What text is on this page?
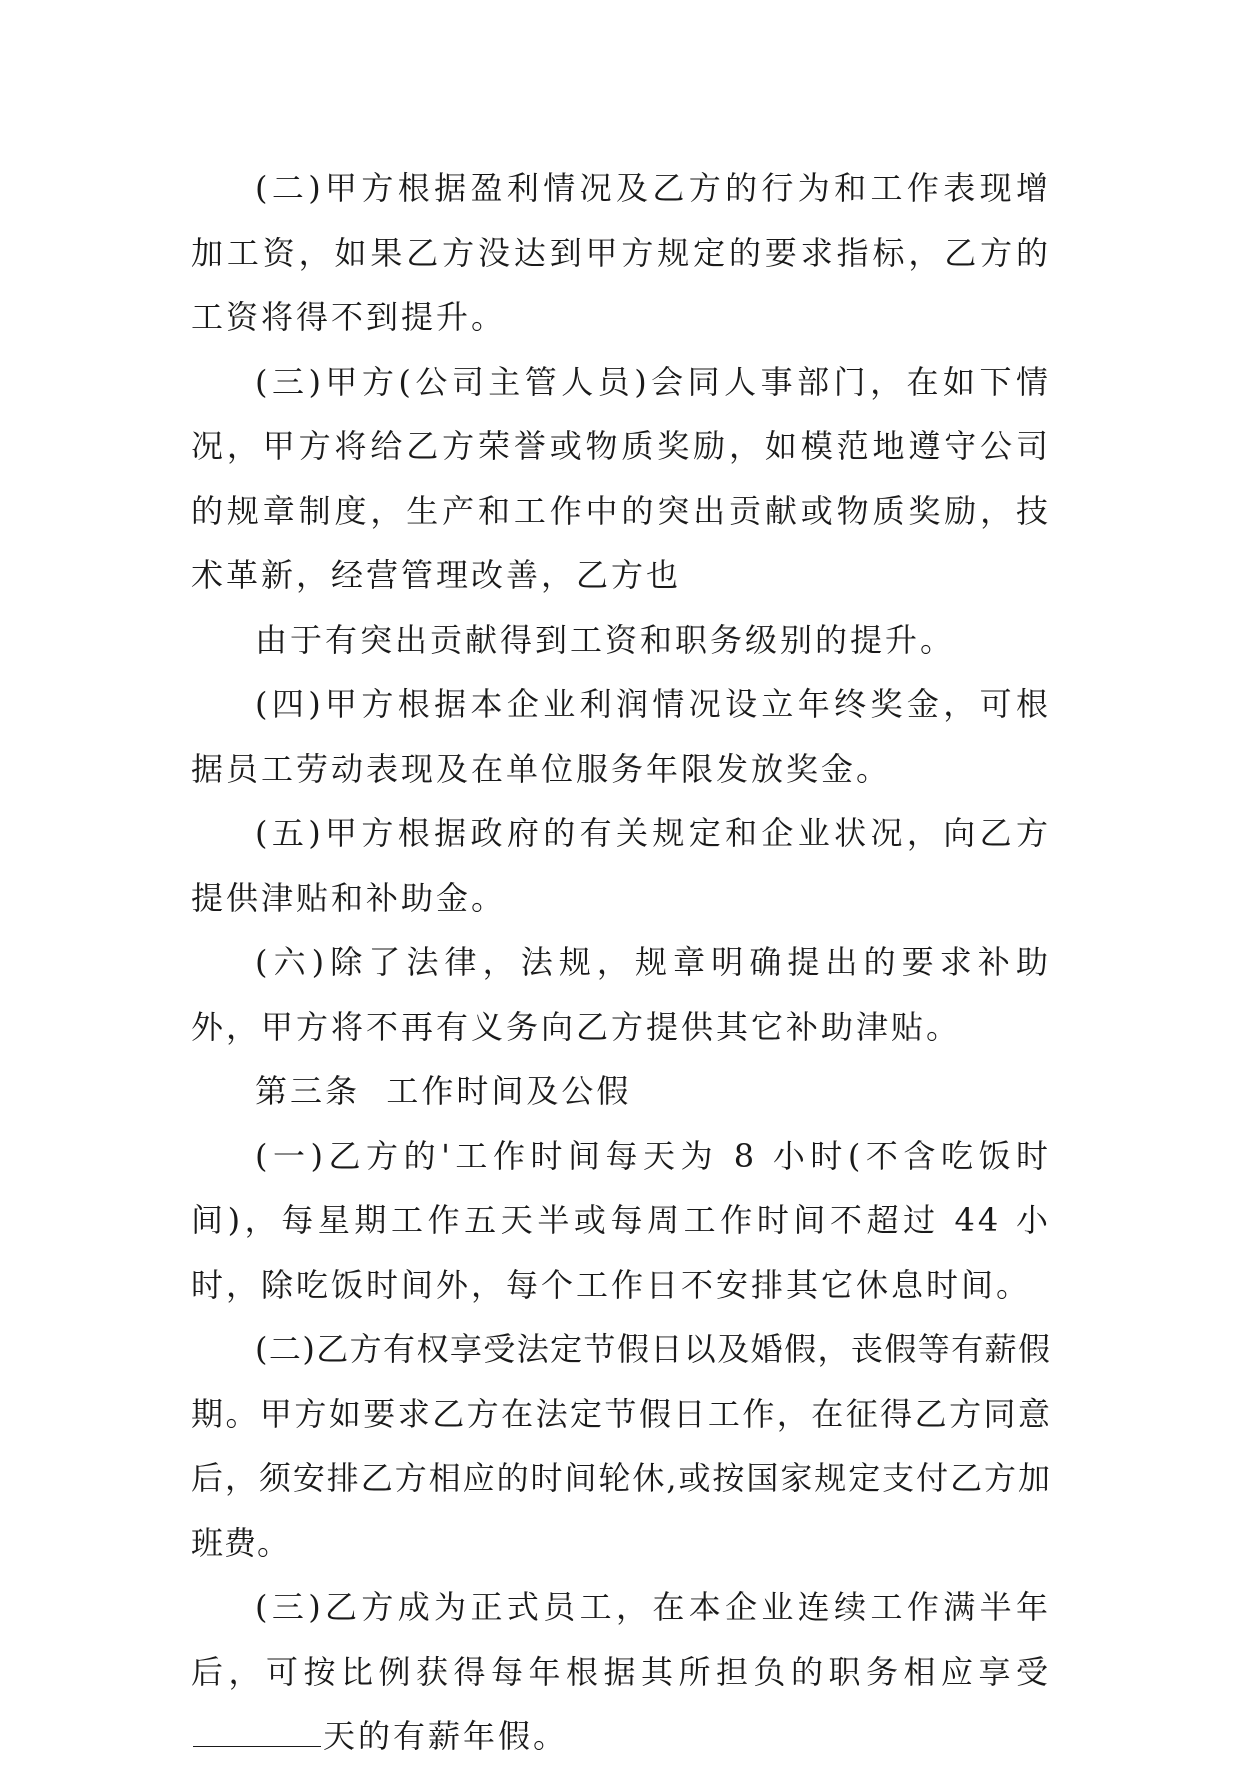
(二)甲方根据盈利情况及乙方的行为和工作表现增加工资，如果乙方没达到甲方规定的要求指标，乙方的工资将得不到提升。

(三)甲方(公司主管人员)会同人事部门，在如下情况，甲方将给乙方荣誉或物质奖励，如模范地遵守公司的规章制度，生产和工作中的突出贡献或物质奖励，技术革新，经营管理改善，乙方也

由于有突出贡献得到工资和职务级别的提升。

(四)甲方根据本企业利润情况设立年终奖金，可根据员工劳动表现及在单位服务年限发放奖金。

(五)甲方根据政府的有关规定和企业状况，向乙方提供津贴和补助金。

(六)除了法律，法规，规章明确提出的要求补助外，甲方将不再有义务向乙方提供其它补助津贴。

第三条  工作时间及公假

(一)乙方的'工作时间每天为 8 小时(不含吃饭时间)，每星期工作五天半或每周工作时间不超过 44 小时，除吃饭时间外，每个工作日不安排其它休息时间。

(二)乙方有权享受法定节假日以及婚假，丧假等有薪假期。甲方如要求乙方在法定节假日工作，在征得乙方同意后，须安排乙方相应的时间轮休,或按国家规定支付乙方加班费。

(三)乙方成为正式员工，在本企业连续工作满半年后，可按比例获得每年根据其所担负的职务相应享受天的有薪年假。
